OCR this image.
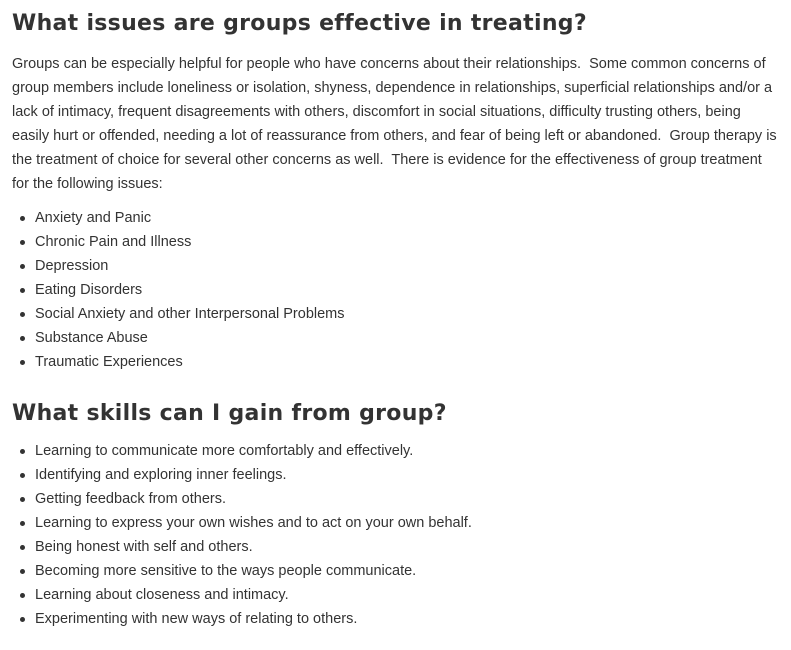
What issues are groups effective in treating?

Groups can be especially helpful for people who have concerns about their relationships.  Some common concerns of group members include loneliness or isolation, shyness, dependence in relationships, superficial relationships and/or a lack of intimacy, frequent disagreements with others, discomfort in social situations, difficulty trusting others, being easily hurt or offended, needing a lot of reassurance from others, and fear of being left or abandoned.  Group therapy is the treatment of choice for several other concerns as well.  There is evidence for the effectiveness of group treatment for the following issues:

Anxiety and Panic
Chronic Pain and Illness
Depression
Eating Disorders
Social Anxiety and other Interpersonal Problems
Substance Abuse
Traumatic Experiences
What skills can I gain from group?
Learning to communicate more comfortably and effectively.
Identifying and exploring inner feelings.
Getting feedback from others.
Learning to express your own wishes and to act on your own behalf.
Being honest with self and others.
Becoming more sensitive to the ways people communicate.
Learning about closeness and intimacy.
Experimenting with new ways of relating to others.
